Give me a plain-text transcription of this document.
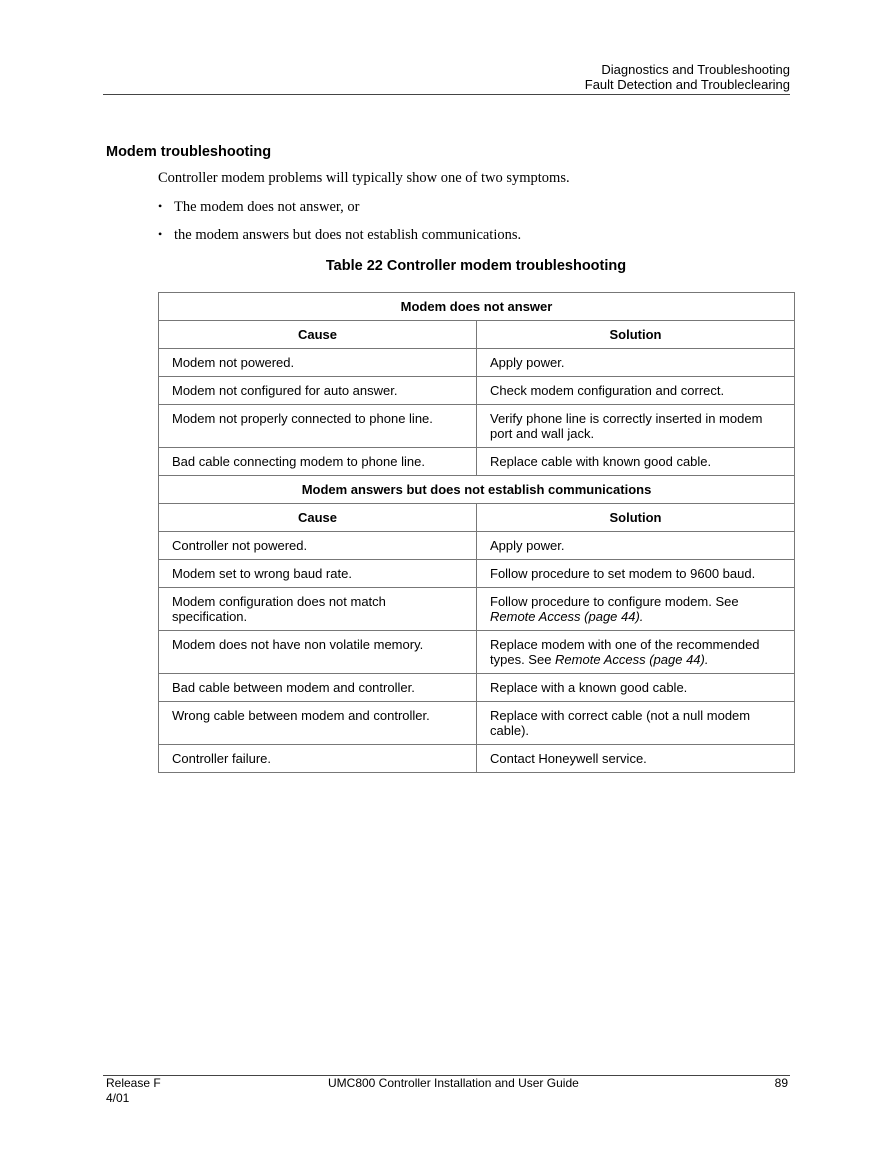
Diagnostics and Troubleshooting
Fault Detection and Troubleclearing
Modem troubleshooting
Controller modem problems will typically show one of two symptoms.
• The modem does not answer, or
• the modem answers but does not establish communications.
Table 22 Controller modem troubleshooting
Modem does not answer	
Cause	Solution
Modem not powered.	Apply power.
Modem not configured for auto answer.	Check modem configuration and correct.
Modem not properly connected to phone line.	Verify phone line is correctly inserted in modem port and wall jack.
Bad cable connecting modem to phone line.	Replace cable with known good cable.
Modem answers but does not establish communications	
Cause	Solution
Controller not powered.	Apply power.
Modem set to wrong baud rate.	Follow procedure to set modem to 9600 baud.
Modem configuration does not match specification.	Follow procedure to configure modem. See Remote Access (page 44).
Modem does not have non volatile memory.	Replace modem with one of the recommended types. See Remote Access (page 44).
Bad cable between modem and controller.	Replace with a known good cable.
Wrong cable between modem and controller.	Replace with correct cable (not a null modem cable).
Controller failure.	Contact Honeywell service.
Release F
4/01
UMC800 Controller Installation and User Guide	89
